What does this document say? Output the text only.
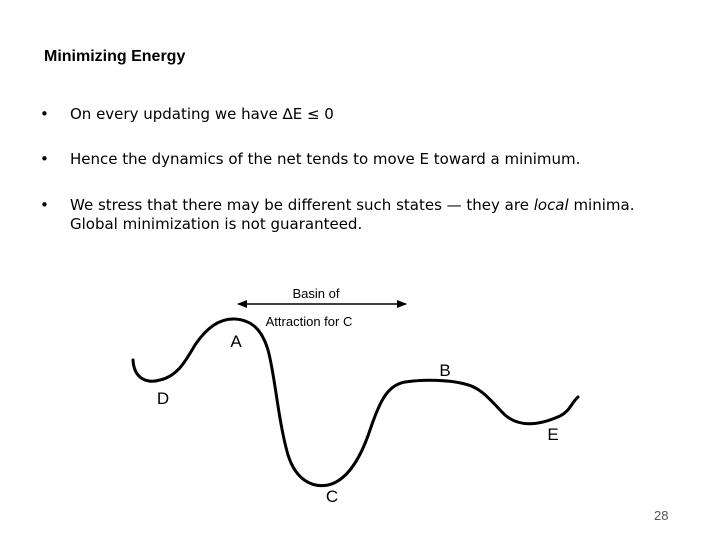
Minimizing Energy
• On every updating we have ∆E ≤ 0
• Hence the dynamics of the net tends to move E toward a minimum.
• We stress that there may be different such states — they are local minima.
Global minimization is not guaranteed.
Basin of
Attraction for C
A
B
C
D
E
28
